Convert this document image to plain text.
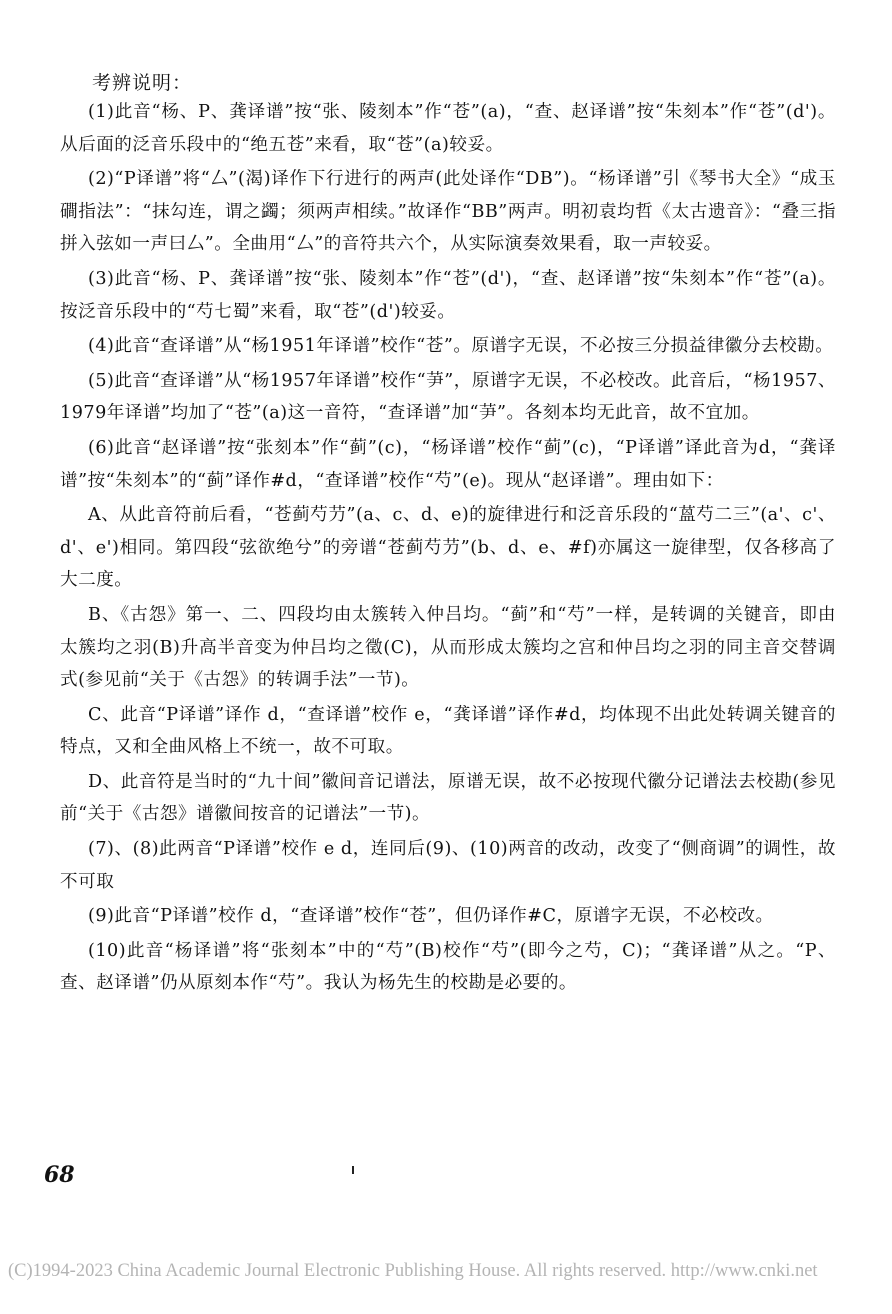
考辨说明：

(1)此音“杨、P、龚译谱”按“张、陵刻本”作“苍”(a)，“查、赵译谱”按“朱刻本”作“苍”(d')。从后面的泛音乐段中的“绝五苍”来看，取“苍”(a)较妥。

(2)“P译谱”将“厶”(渴)译作下行进行的两声(此处译作“DB”)。“杨译谱”引《琴书大全》“成玉磵指法”：“抹勾连，谓之蠲；须两声相续。”故译作“BB”两声。明初袁均哲《太古遗音》：“叠三指拼入弦如一声曰厶”。全曲用“厶”的音符共六个，从实际演奏效果看，取一声较妥。

(3)此音“杨、P、龚译谱”按“张、陵刻本”作“苍”(d')，“查、赵译谱”按“朱刻本”作“苍”(a)。按泛音乐段中的“芍七蜀”来看，取“苍”(d')较妥。

(4)此音“查译谱”从“杨1951年译谱”校作“苍”。原谱字无误，不必按三分损益律徽分去校勘。

(5)此音“查译谱”从“杨1957年译谱”校作“芛”，原谱字无误，不必校改。此音后，“杨1957、1979年译谱”均加了“苍”(a)这一音符，“查译谱”加“芛”。各刻本均无此音，故不宜加。

(6)此音“赵译谱”按“张刻本”作“蓟”(c)，“杨译谱”校作“蓟”(c)，“P译谱”译此音为d，“龚译谱”按“朱刻本”的“蓟”译作#d，“查译谱”校作“芍”(e)。现从“赵译谱”。理由如下：

A、从此音符前后看，“苍蓟芍芀”(a、c、d、e)的旋律进行和泛音乐段的“蒕芍二三”(a'、c'、d'、e')相同。第四段“弦欲绝兮”的旁谱“苍蓟芍芀”(b、d、e、#f)亦属这一旋律型，仅各移高了大二度。

B、《古怨》第一、二、四段均由太簇转入仲吕均。“蓟”和“芍”一样，是转调的关键音，即由太簇均之羽(B)升高半音变为仲吕均之徵(C)，从而形成太簇均之宫和仲吕均之羽的同主音交替调式(参见前“关于《古怨》的转调手法”一节)。

C、此音“P译谱”译作 d，“查译谱”校作 e，“龚译谱”译作#d，均体现不出此处转调关键音的特点，又和全曲风格上不统一，故不可取。

D、此音符是当时的“九十间”徽间音记谱法，原谱无误，故不必按现代徽分记谱法去校勘(参见前“关于《古怨》谱徽间按音的记谱法”一节)。

(7)、(8)此两音“P译谱”校作 e d，连同后(9)、(10)两音的改动，改变了“侧商调”的调性，故不可取

(9)此音“P译谱”校作 d，“查译谱”校作“苍”，但仍译作#C，原谱字无误，不必校改。

(10)此音“杨译谱”将“张刻本”中的“芍”(B)校作“芍”(即今之芍，C)；“龚译谱”从之。“P、查、赵译谱”仍从原刻本作“芍”。我认为杨先生的校勘是必要的。

68
(C)1994-2023 China Academic Journal Electronic Publishing House. All rights reserved. http://www.cnki.net
